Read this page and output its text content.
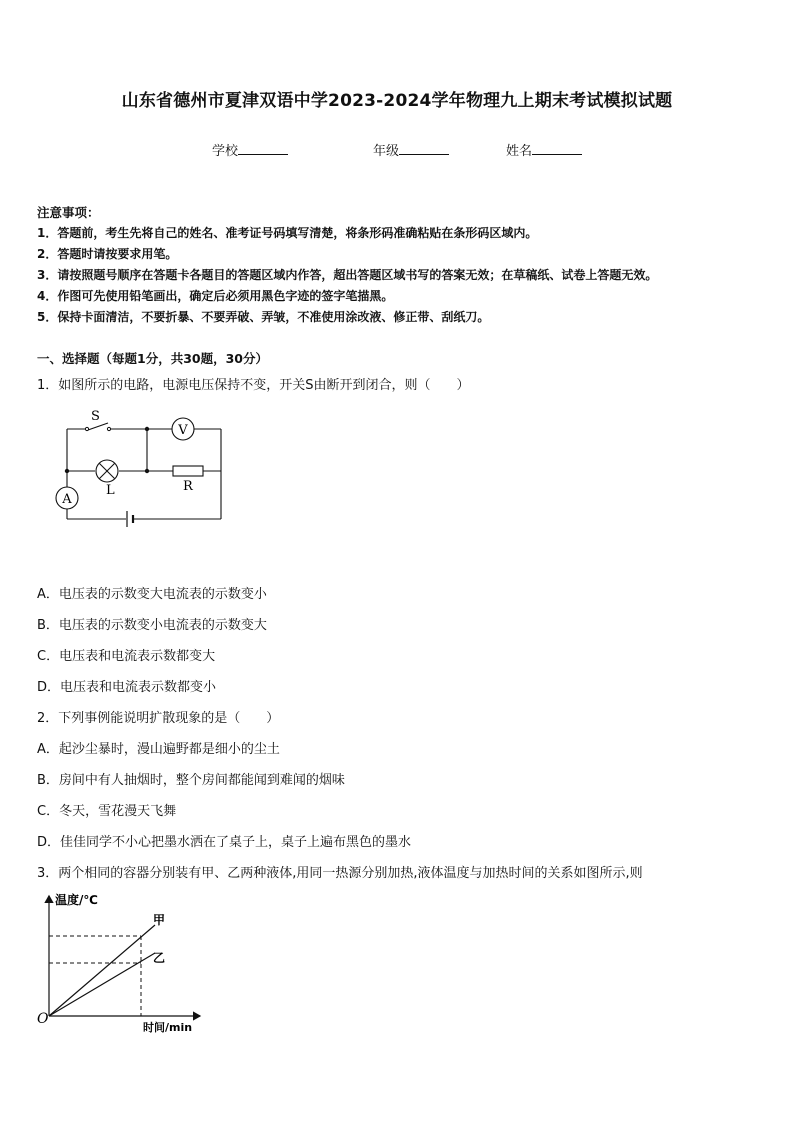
山东省德州市夏津双语中学2023-2024学年物理九上期末考试模拟试题
学校	年级	姓名
注意事项：
1．答题前，考生先将自己的姓名、准考证号码填写清楚，将条形码准确粘贴在条形码区域内。
2．答题时请按要求用笔。
3．请按照题号顺序在答题卡各题目的答题区域内作答，超出答题区域书写的答案无效；在草稿纸、试卷上答题无效。
4．作图可先使用铅笔画出，确定后必须用黑色字迹的签字笔描黑。
5．保持卡面清洁，不要折暴、不要弄破、弄皱，不准使用涂改液、修正带、刮纸刀。
一、选择题（每题1分，共30题，30分）
1．如图所示的电路，电源电压保持不变，开关S由断开到闭合，则（　　）
V
A
S
L	R
A．电压表的示数变大电流表的示数变小
B．电压表的示数变小电流表的示数变大
C．电压表和电流表示数都变大
D．电压表和电流表示数都变小
2．下列事例能说明扩散现象的是（　　）
A．起沙尘暴时，漫山遍野都是细小的尘土
B．房间中有人抽烟时，整个房间都能闻到难闻的烟味
C．冬天，雪花漫天飞舞
D．佳佳同学不小心把墨水洒在了桌子上，桌子上遍布黑色的墨水
3．两个相同的容器分别装有甲、乙两种液体,用同一热源分别加热,液体温度与加热时间的关系如图所示,则
温度/℃
时间/min
O
甲
乙
